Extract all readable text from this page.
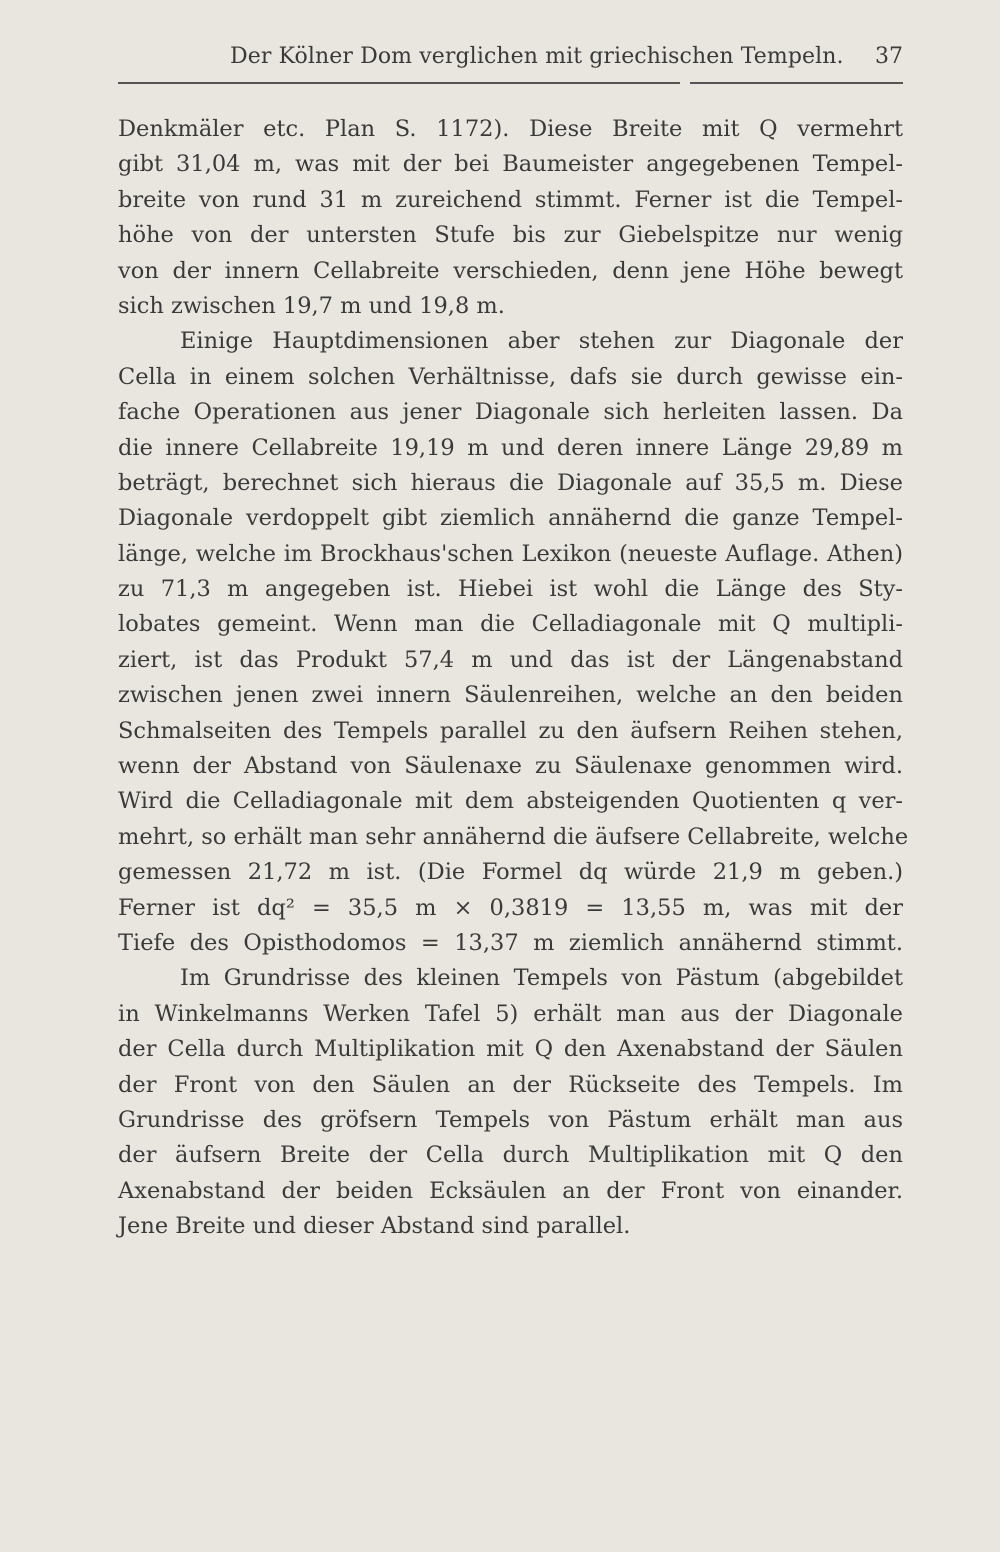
Der Kölner Dom verglichen mit griechischen Tempeln. 37
Denkmäler etc. Plan S. 1172). Diese Breite mit Q vermehrt
gibt 31,04 m, was mit der bei Baumeister angegebenen Tempel-
breite von rund 31 m zureichend stimmt. Ferner ist die Tempel-
höhe von der untersten Stufe bis zur Giebelspitze nur wenig
von der innern Cellabreite verschieden, denn jene Höhe bewegt
sich zwischen 19,7 m und 19,8 m.
Einige Hauptdimensionen aber stehen zur Diagonale der
Cella in einem solchen Verhältnisse, dafs sie durch gewisse ein-
fache Operationen aus jener Diagonale sich herleiten lassen. Da
die innere Cellabreite 19,19 m und deren innere Länge 29,89 m
beträgt, berechnet sich hieraus die Diagonale auf 35,5 m. Diese
Diagonale verdoppelt gibt ziemlich annähernd die ganze Tempel-
länge, welche im Brockhaus'schen Lexikon (neueste Auflage. Athen)
zu 71,3 m angegeben ist. Hiebei ist wohl die Länge des Sty-
lobates gemeint. Wenn man die Celladiagonale mit Q multipli-
ziert, ist das Produkt 57,4 m und das ist der Längenabstand
zwischen jenen zwei innern Säulenreihen, welche an den beiden
Schmalseiten des Tempels parallel zu den äufsern Reihen stehen,
wenn der Abstand von Säulenaxe zu Säulenaxe genommen wird.
Wird die Celladiagonale mit dem absteigenden Quotienten q ver-
mehrt, so erhält man sehr annähernd die äufsere Cellabreite, welche
gemessen 21,72 m ist. (Die Formel dq würde 21,9 m geben.)
Ferner ist dq² = 35,5 m × 0,3819 = 13,55 m, was mit der
Tiefe des Opisthodomos = 13,37 m ziemlich annähernd stimmt.
Im Grundrisse des kleinen Tempels von Pästum (abgebildet
in Winkelmanns Werken Tafel 5) erhält man aus der Diagonale
der Cella durch Multiplikation mit Q den Axenabstand der Säulen
der Front von den Säulen an der Rückseite des Tempels. Im
Grundrisse des gröfsern Tempels von Pästum erhält man aus
der äufsern Breite der Cella durch Multiplikation mit Q den
Axenabstand der beiden Ecksäulen an der Front von einander.
Jene Breite und dieser Abstand sind parallel.
